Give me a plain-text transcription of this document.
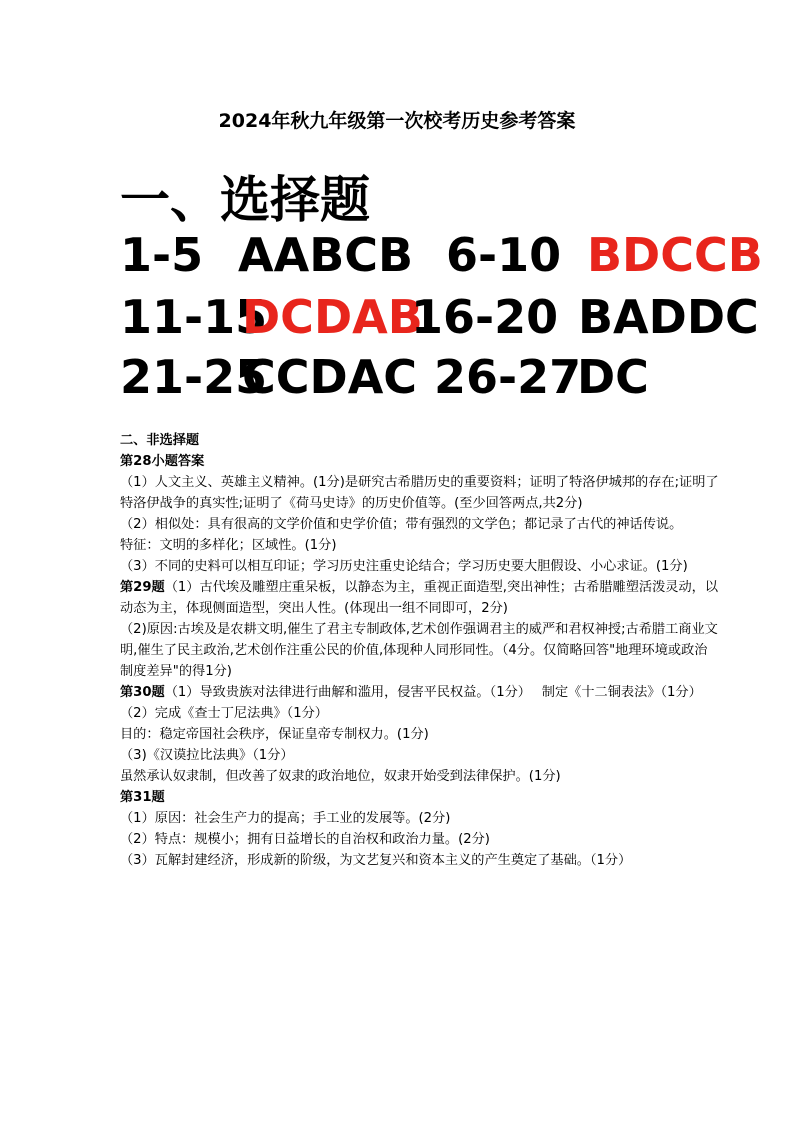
2024年秋九年级第一次校考历史参考答案
一、选择题
1-5 AABCB 6-10 BDCCB
11-15
DCDAB
16-20 BADDC
21-25
CCDAC 26-27
DC

二、非选择题

第28小题答案

（1）人文主义、英雄主义精神。(1分)是研究古希腊历史的重要资料；证明了特洛伊城邦的存在;证明了特洛伊战争的真实性;证明了《荷马史诗》的历史价值等。(至少回答两点,共2分)

（2）相似处：具有很高的文学价值和史学价值；带有强烈的文学色；都记录了古代的神话传说。

特征：文明的多样化；区域性。(1分)

（3）不同的史料可以相互印证；学习历史注重史论结合；学习历史要大胆假设、小心求证。(1分)

第29题（1）古代埃及雕塑庄重呆板，以静态为主，重视正面造型,突出神性；古希腊雕塑活泼灵动，以动态为主，体现侧面造型，突出人性。(体现出一组不同即可，2分)

（2)原因:古埃及是农耕文明,催生了君主专制政体,艺术创作强调君主的威严和君权神授;古希腊工商业文明,催生了民主政治,艺术创作注重公民的价值,体现种人同形同性。（4分。仅简略回答"地理环境或政治制度差异"的得1分)

第30题（1）导致贵族对法律进行曲解和滥用，侵害平民权益。（1分）　 制定《十二铜表法》（1分）

（2）完成《查士丁尼法典》（1分）

目的：稳定帝国社会秩序，保证皇帝专制权力。(1分)

（3)《汉谟拉比法典》（1分）

虽然承认奴隶制，但改善了奴隶的政治地位，奴隶开始受到法律保护。(1分)

第31题

（1）原因：社会生产力的提高；手工业的发展等。(2分)

（2）特点：规模小；拥有日益增长的自治权和政治力量。(2分)

（3）瓦解封建经济，形成新的阶级，为文艺复兴和资本主义的产生奠定了基础。（1分）
